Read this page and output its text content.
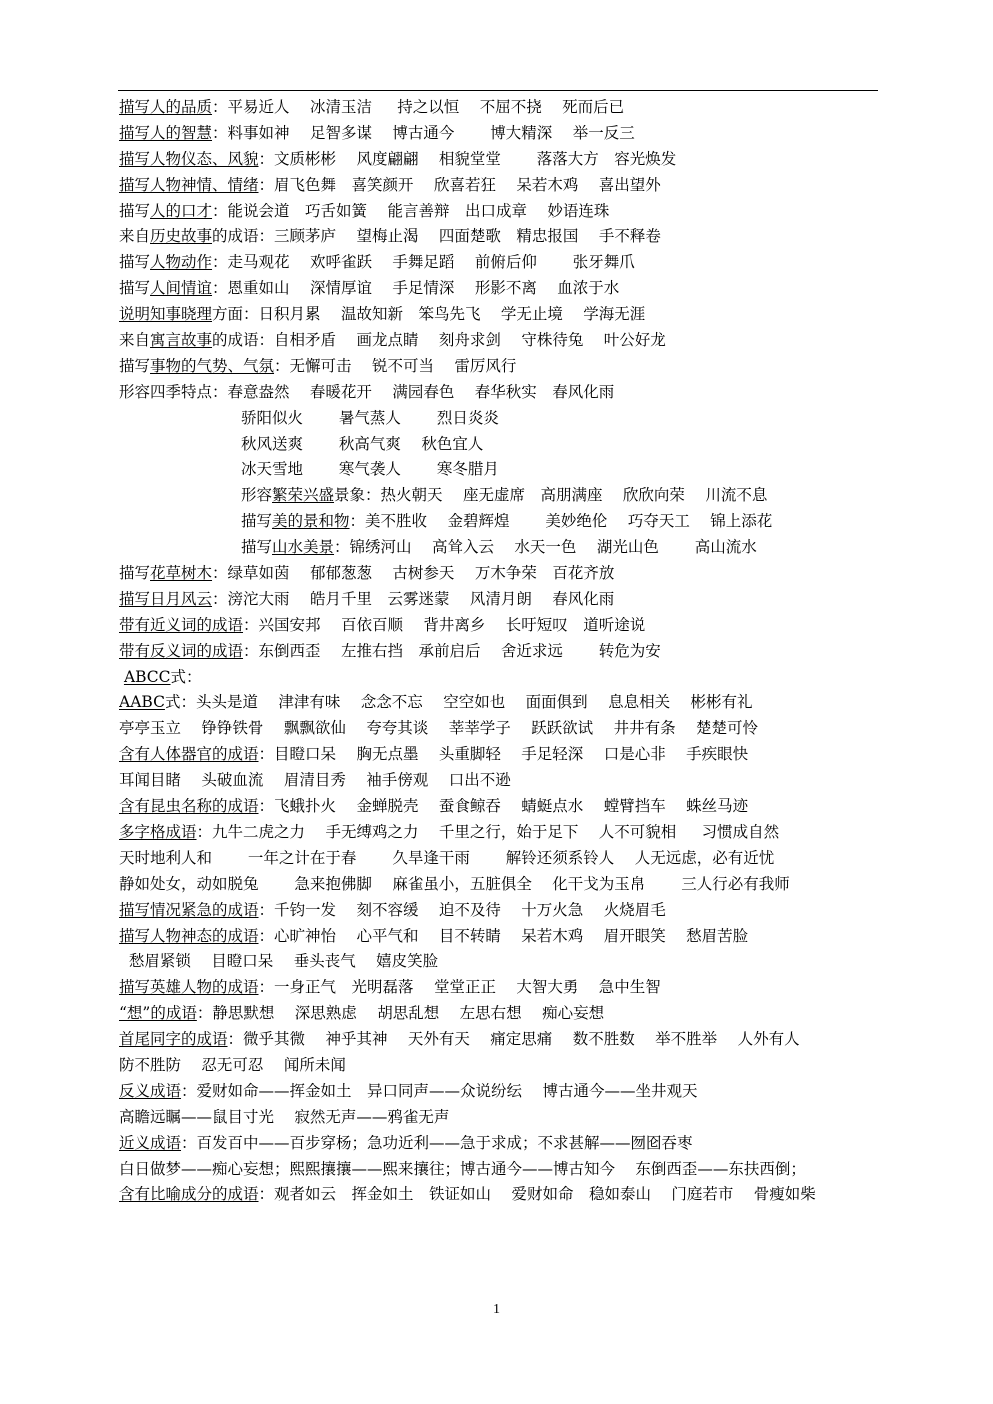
描写人的品质：平易近人　 冰清玉洁　  持之以恒　 不屈不挠　 死而后已
描写人的智慧：料事如神　 足智多谋　 博古通今　　 博大精深　 举一反三
描写人物仪态、风貌：文质彬彬　 风度翩翩　 相貌堂堂　　 落落大方　容光焕发
描写人物神情、情绪：眉飞色舞　喜笑颜开　 欣喜若狂　 呆若木鸡　 喜出望外
描写人的口才：能说会道　巧舌如簧　 能言善辩　出口成章　 妙语连珠
来自历史故事的成语：三顾茅庐　 望梅止渴　 四面楚歌　精忠报国　 手不释卷
描写人物动作：走马观花　 欢呼雀跃　 手舞足蹈　 前俯后仰　　 张牙舞爪
描写人间情谊：恩重如山　 深情厚谊　 手足情深　 形影不离　 血浓于水
说明知事晓理方面：日积月累　 温故知新　笨鸟先飞　 学无止境　 学海无涯
来自寓言故事的成语：自相矛盾　 画龙点睛　 刻舟求剑　 守株待兔　 叶公好龙
描写事物的气势、气氛：无懈可击　 锐不可当　 雷厉风行
形容四季特点：春意盎然　 春暖花开　 满园春色　 春华秋实　春风化雨
骄阳似火　　 暑气蒸人　　 烈日炎炎
秋风送爽　　 秋高气爽　 秋色宜人
冰天雪地　　 寒气袭人　　 寒冬腊月
形容繁荣兴盛景象：热火朝天　 座无虚席　高朋满座　 欣欣向荣　 川流不息
描写美的景和物：美不胜收　 金碧辉煌　　 美妙绝伦　 巧夺天工　 锦上添花
描写山水美景：锦绣河山　 高耸入云　 水天一色　 湖光山色　　 高山流水
描写花草树木：绿草如茵　 郁郁葱葱　 古树参天　 万木争荣　百花齐放
描写日月风云：滂沱大雨　 皓月千里　云雾迷蒙　 风清月朗　 春风化雨
带有近义词的成语：兴国安邦　 百依百顺　 背井离乡　 长吁短叹　道听途说
带有反义词的成语：东倒西歪　 左推右挡　承前启后　 舍近求远　　 转危为安
ABCC式：
AABC式：头头是道　 津津有味　 念念不忘　 空空如也　 面面俱到　 息息相关　 彬彬有礼
亭亭玉立　 铮铮铁骨　 飘飘欲仙　 夸夸其谈　 莘莘学子　 跃跃欲试　 井井有条　 楚楚可怜
含有人体器官的成语：目瞪口呆　 胸无点墨　 头重脚轻　 手足轻深　 口是心非　 手疾眼快
耳闻目睹　 头破血流　 眉清目秀　 袖手傍观　 口出不逊
含有昆虫名称的成语：飞蛾扑火　 金蝉脱壳　 蚕食鲸吞　 蜻蜓点水　 螳臂挡车　 蛛丝马迹
多字格成语：九牛二虎之力　 手无缚鸡之力　 千里之行，始于足下　 人不可貌相　  习惯成自然
天时地利人和　　 一年之计在于春　　 久旱逢干雨　　 解铃还须系铃人　 人无远虑，必有近忧
静如处女，动如脱兔　　 急来抱佛脚　 麻雀虽小，五脏俱全　 化干戈为玉帛　　 三人行必有我师
描写情况紧急的成语：千钧一发　 刻不容缓　 迫不及待　 十万火急　 火烧眉毛
描写人物神态的成语：心旷神怡　 心平气和　 目不转睛　 呆若木鸡　 眉开眼笑　 愁眉苦脸
愁眉紧锁　 目瞪口呆　 垂头丧气　 嬉皮笑脸
描写英雄人物的成语：一身正气　光明磊落　 堂堂正正　 大智大勇　 急中生智
“想”的成语：静思默想　 深思熟虑　 胡思乱想　 左思右想　 痴心妄想
首尾同字的成语：微乎其微　 神乎其神　 天外有天　 痛定思痛　 数不胜数　 举不胜举　 人外有人
防不胜防　 忍无可忍　 闻所未闻
反义成语：爱财如命——挥金如土　异口同声——众说纷纭　 博古通今——坐井观天
高瞻远瞩——鼠目寸光　 寂然无声——鸦雀无声
近义成语：百发百中——百步穿杨；急功近利——急于求成；不求甚解——囫囵吞枣
白日做梦——痴心妄想；熙熙攘攘——熙来攘往；博古通今——博古知今　 东倒西歪——东扶西倒；
含有比喻成分的成语：观者如云　挥金如土　铁证如山　 爱财如命　稳如泰山　 门庭若市　 骨瘦如柴
1
